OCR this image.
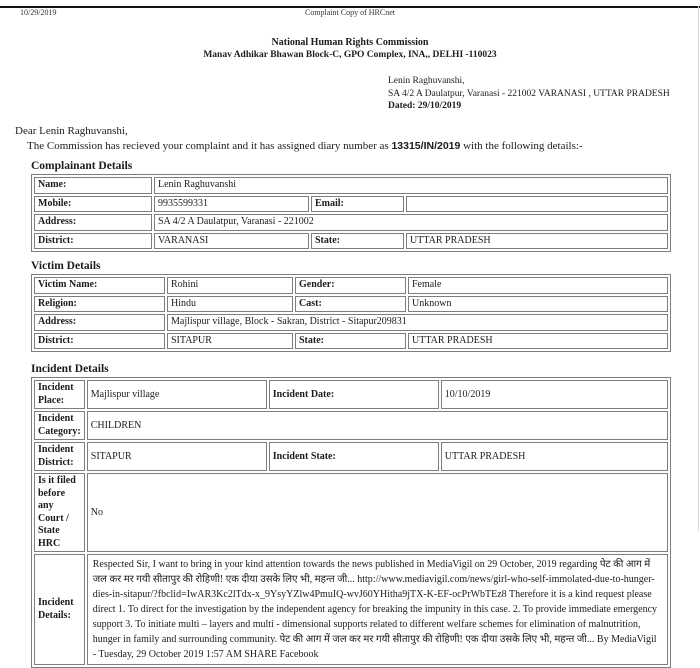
10/29/2019	Complaint Copy of HRCnet
National Human Rights Commission
Manav Adhikar Bhawan Block-C, GPO Complex, INA,, DELHI -110023
Lenin Raghuvanshi,
SA 4/2 A Daulatpur, Varanasi - 221002 VARANASI , UTTAR PRADESH
Dated: 29/10/2019
Dear Lenin Raghuvanshi,
The Commission has recieved your complaint and it has assigned diary number as 13315/IN/2019 with the following details:-
Complainant Details
Name:	Lenin Raghuvanshi		
Mobile:	9935599331	Email:	
Address:	SA 4/2 A Daulatpur, Varanasi - 221002		
District:	VARANASI	State:	UTTAR PRADESH
Victim Details
Victim Name:	Rohini	Gender:	Female
Religion:	Hindu	Cast:	Unknown
Address:	Majlispur village, Block - Sakran, District - Sitapur209831		
District:	SITAPUR	State:	UTTAR PRADESH
Incident Details
Incident Place:	Majlispur village	Incident Date:	10/10/2019
Incident Category:	CHILDREN		
Incident District:	SITAPUR	Incident State:	UTTAR PRADESH
Is it filed before any Court / State HRC	No		
Incident Details:	Respected Sir, I want to bring in your kind attention towards the news published in MediaVigil on 29 October, 2019 regarding पेट की आग में जल कर मर गयी सीतापुर की रोहिणी! एक दीया उसके लिए भी, महन्त जी... http://www.mediavigil.com/news/girl-who-self-immolated-due-to-hunger-dies-in-sitapur/?fbclid=IwAR3Kc2lTdx-x_9YsyYZlw4PmuIQ-wvJ60YHitha9jTX-K-EF-ocPrWbTEz8 Therefore it is a kind request please direct 1. To direct for the investigation by the independent agency for breaking the impunity in this case. 2. To provide immediate emergency support 3. To initiate multi – layers and multi - dimensional supports related to different welfare schemes for elimination of malnutrition, hunger in family and surrounding community. पेट की आग में जल कर मर गयी सीतापुर की रोहिणी! एक दीया उसके लिए भी, महन्त जी... By MediaVigil - Tuesday, 29 October 2019 1:57 AM SHARE Facebook		
